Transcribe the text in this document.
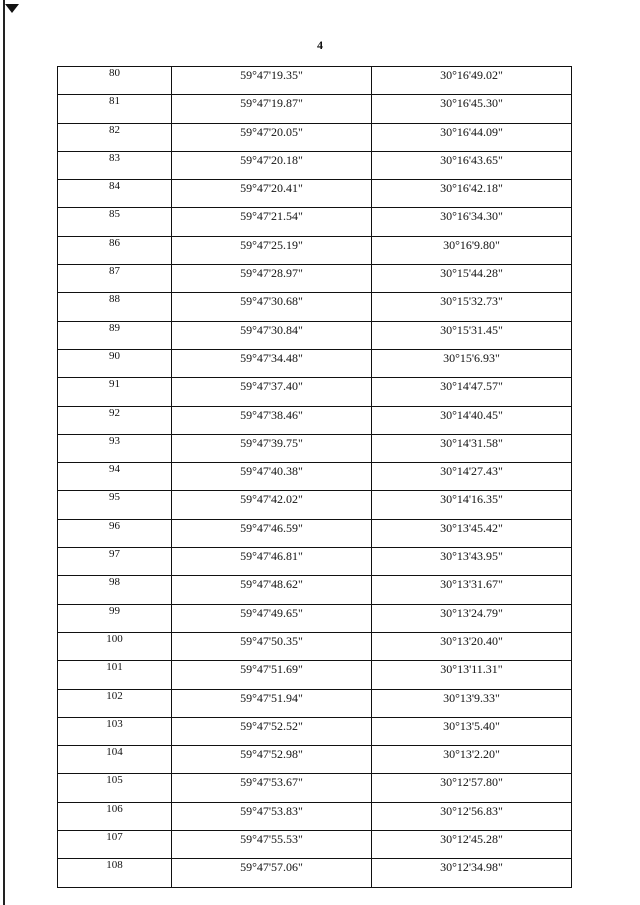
4
80	59°47'19.35"	30°16'49.02"
81	59°47'19.87"	30°16'45.30"
82	59°47'20.05"	30°16'44.09"
83	59°47'20.18"	30°16'43.65"
84	59°47'20.41"	30°16'42.18"
85	59°47'21.54"	30°16'34.30"
86	59°47'25.19"	30°16'9.80"
87	59°47'28.97"	30°15'44.28"
88	59°47'30.68"	30°15'32.73"
89	59°47'30.84"	30°15'31.45"
90	59°47'34.48"	30°15'6.93"
91	59°47'37.40"	30°14'47.57"
92	59°47'38.46"	30°14'40.45"
93	59°47'39.75"	30°14'31.58"
94	59°47'40.38"	30°14'27.43"
95	59°47'42.02"	30°14'16.35"
96	59°47'46.59"	30°13'45.42"
97	59°47'46.81"	30°13'43.95"
98	59°47'48.62"	30°13'31.67"
99	59°47'49.65"	30°13'24.79"
100	59°47'50.35"	30°13'20.40"
101	59°47'51.69"	30°13'11.31"
102	59°47'51.94"	30°13'9.33"
103	59°47'52.52"	30°13'5.40"
104	59°47'52.98"	30°13'2.20"
105	59°47'53.67"	30°12'57.80"
106	59°47'53.83"	30°12'56.83"
107	59°47'55.53"	30°12'45.28"
108	59°47'57.06"	30°12'34.98"
